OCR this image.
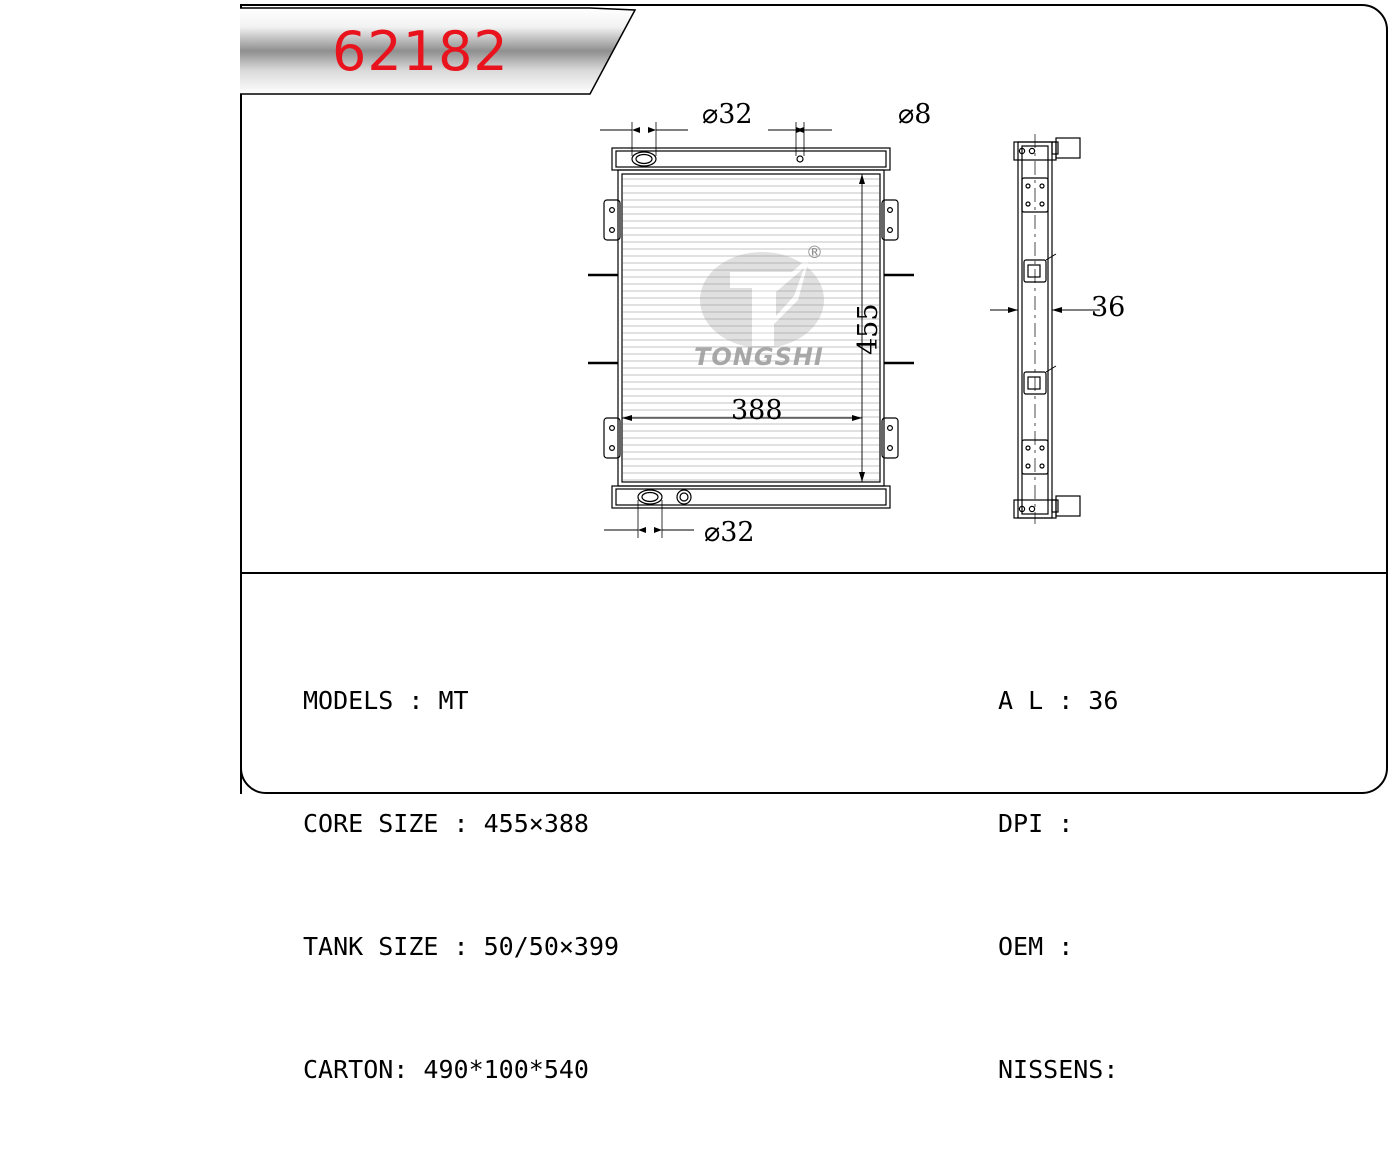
62182
⌀32	⌀8
⌀32
455
388
®
TONGSHI
36

MODELS : MT

CORE SIZE : 455×388

TANK SIZE : 50/50×399

CARTON: 490*100*540

A L : 36

DPI :

OEM :

NISSENS:
